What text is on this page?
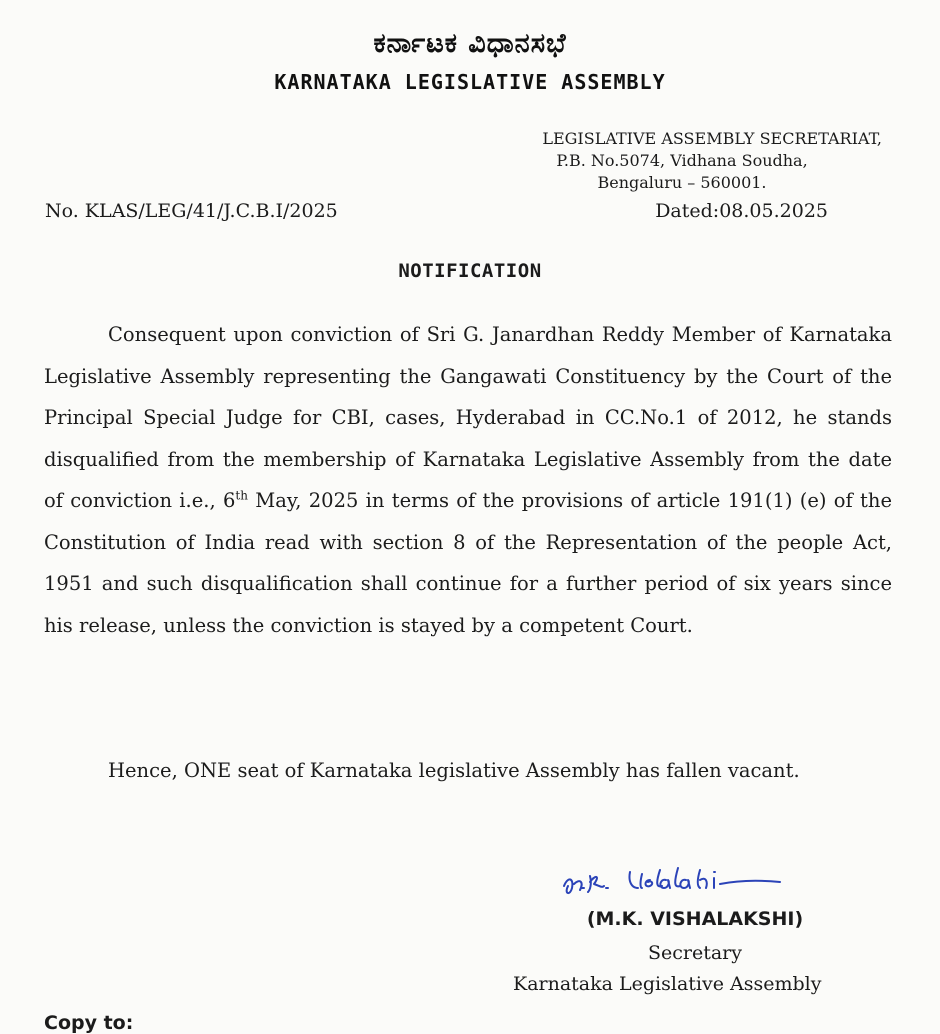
ಕರ್ನಾಟಕ ವಿಧಾನಸಭೆ
KARNATAKA LEGISLATIVE ASSEMBLY
LEGISLATIVE ASSEMBLY SECRETARIAT,
P.B. No.5074, Vidhana Soudha,
Bengaluru – 560001.
No. KLAS/LEG/41/J.C.B.I/2025	Dated:08.05.2025
NOTIFICATION
Consequent upon conviction of Sri G. Janardhan Reddy Member of Karnataka Legislative Assembly representing the Gangawati Constituency by the Court of the Principal Special Judge for CBI, cases, Hyderabad in CC.No.1 of 2012, he stands disqualified from the membership of Karnataka Legislative Assembly from the date of conviction i.e., 6th May, 2025 in terms of the provisions of article 191(1) (e) of the Constitution of India read with section 8 of the Representation of the people Act, 1951 and such disqualification shall continue for a further period of six years since his release, unless the conviction is stayed by a competent Court.
Hence, ONE seat of Karnataka legislative Assembly has fallen vacant.
(M.K. VISHALAKSHI)
Secretary
Karnataka Legislative Assembly
Copy to:
